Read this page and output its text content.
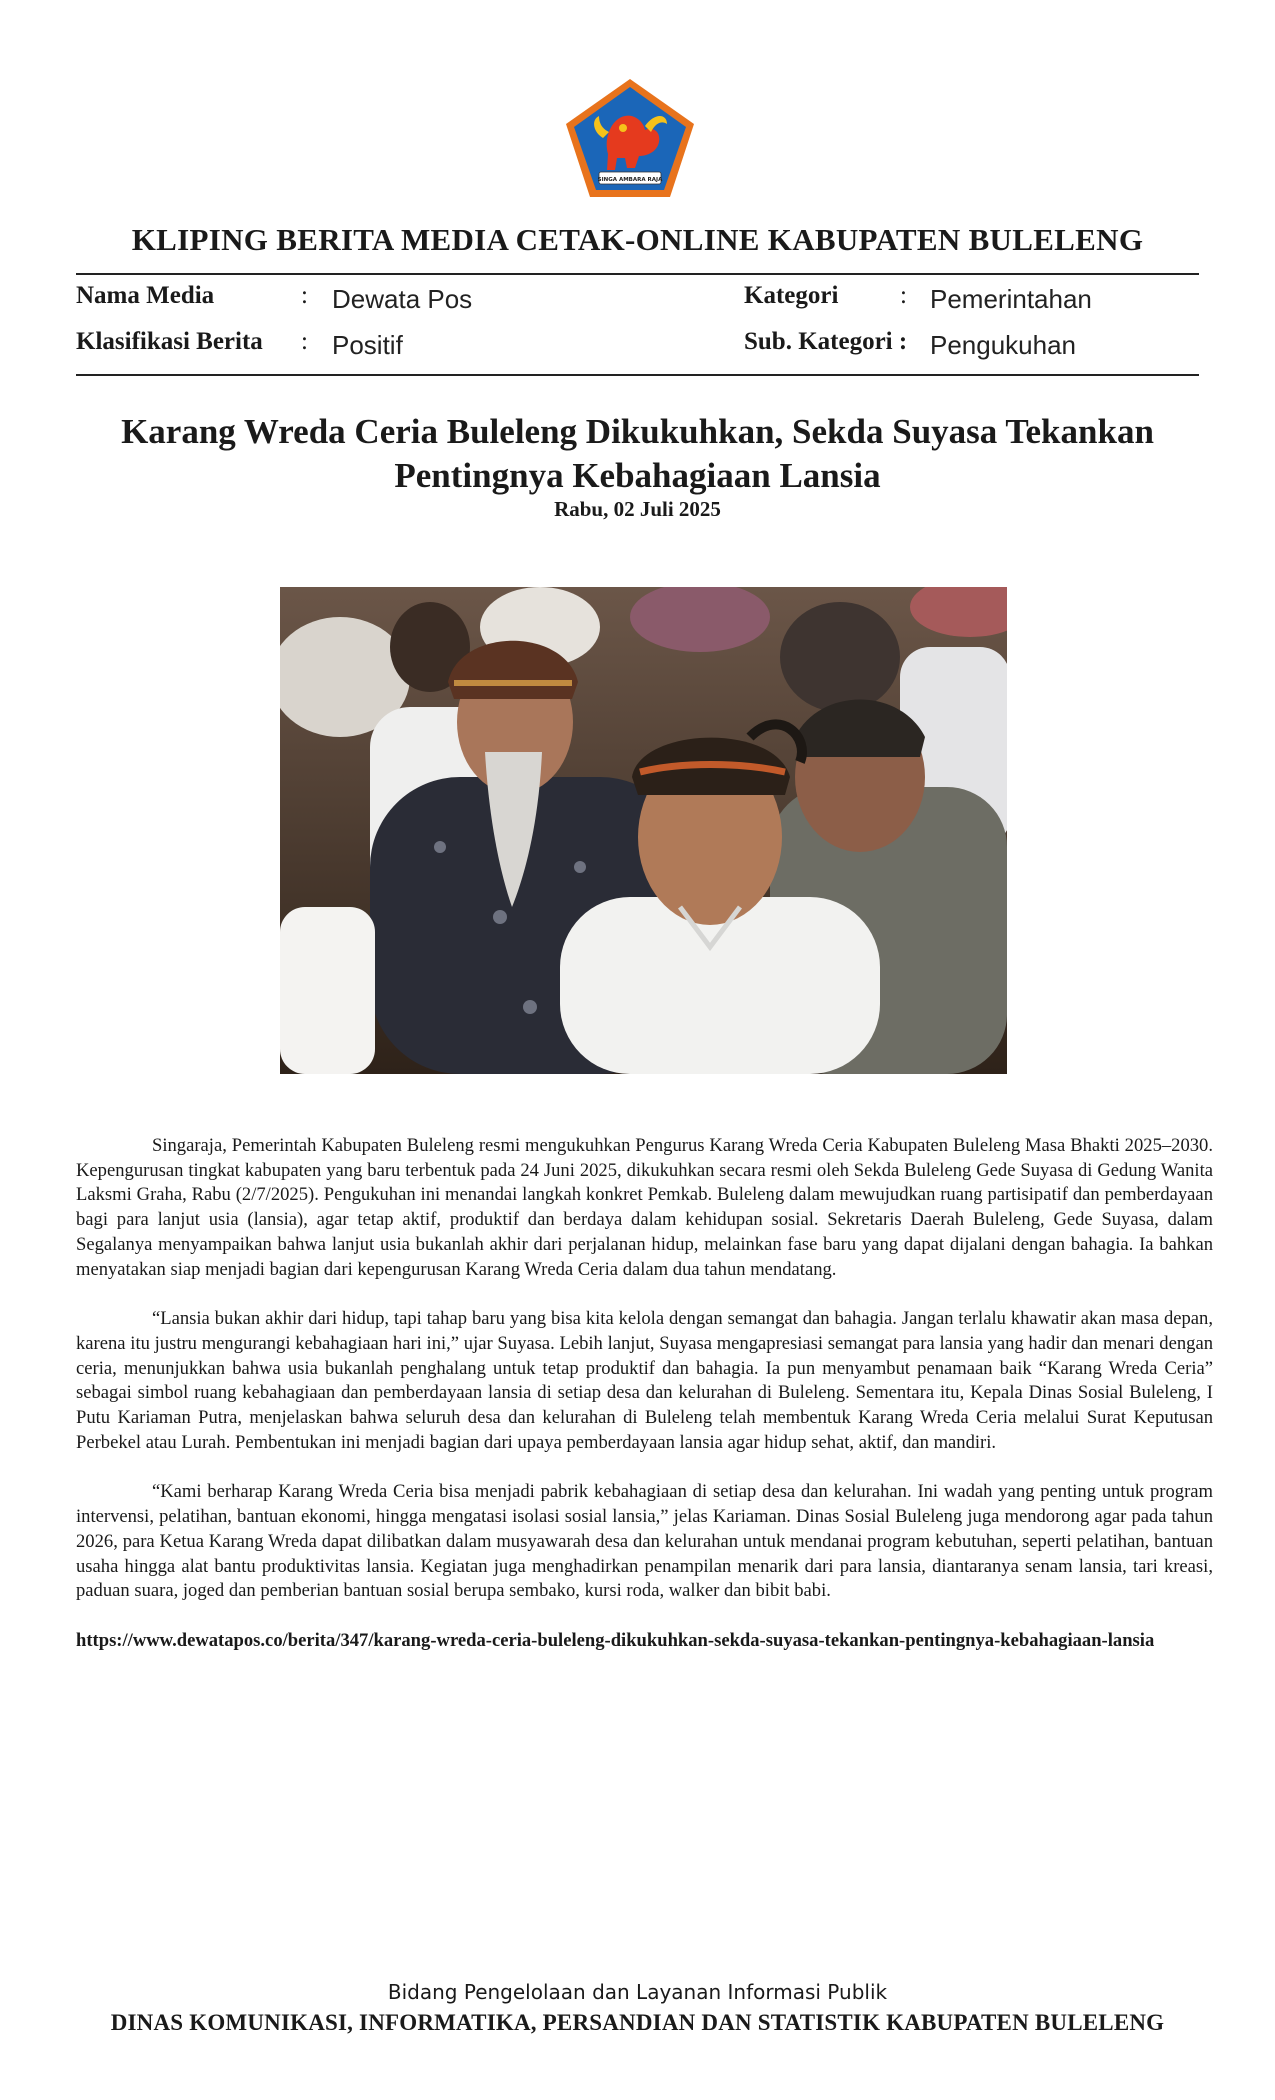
SINGA AMBARA RAJA
KLIPING BERITA MEDIA CETAK-ONLINE KABUPATEN BULELENG
Nama Media	: Dewata Pos	Kategori : Pemerintahan
Klasifikasi Berita : Positif	Sub. Kategori : Pengukuhan
Karang Wreda Ceria Buleleng Dikukuhkan, Sekda Suyasa Tekankan Pentingnya Kebahagiaan Lansia
Rabu, 02 Juli 2025

Singaraja, Pemerintah Kabupaten Buleleng resmi mengukuhkan Pengurus Karang Wreda Ceria Kabupaten Buleleng Masa Bhakti 2025–2030. Kepengurusan tingkat kabupaten yang baru terbentuk pada 24 Juni 2025, dikukuhkan secara resmi oleh Sekda Buleleng Gede Suyasa di Gedung Wanita Laksmi Graha, Rabu (2/7/2025). Pengukuhan ini menandai langkah konkret Pemkab. Buleleng dalam mewujudkan ruang partisipatif dan pemberdayaan bagi para lanjut usia (lansia), agar tetap aktif, produktif dan berdaya dalam kehidupan sosial. Sekretaris Daerah Buleleng, Gede Suyasa, dalam Segalanya menyampaikan bahwa lanjut usia bukanlah akhir dari perjalanan hidup, melainkan fase baru yang dapat dijalani dengan bahagia. Ia bahkan menyatakan siap menjadi bagian dari kepengurusan Karang Wreda Ceria dalam dua tahun mendatang.

“Lansia bukan akhir dari hidup, tapi tahap baru yang bisa kita kelola dengan semangat dan bahagia. Jangan terlalu khawatir akan masa depan, karena itu justru mengurangi kebahagiaan hari ini,” ujar Suyasa. Lebih lanjut, Suyasa mengapresiasi semangat para lansia yang hadir dan menari dengan ceria, menunjukkan bahwa usia bukanlah penghalang untuk tetap produktif dan bahagia. Ia pun menyambut penamaan baik “Karang Wreda Ceria” sebagai simbol ruang kebahagiaan dan pemberdayaan lansia di setiap desa dan kelurahan di Buleleng. Sementara itu, Kepala Dinas Sosial Buleleng, I Putu Kariaman Putra, menjelaskan bahwa seluruh desa dan kelurahan di Buleleng telah membentuk Karang Wreda Ceria melalui Surat Keputusan Perbekel atau Lurah. Pembentukan ini menjadi bagian dari upaya pemberdayaan lansia agar hidup sehat, aktif, dan mandiri.

“Kami berharap Karang Wreda Ceria bisa menjadi pabrik kebahagiaan di setiap desa dan kelurahan. Ini wadah yang penting untuk program intervensi, pelatihan, bantuan ekonomi, hingga mengatasi isolasi sosial lansia,” jelas Kariaman. Dinas Sosial Buleleng juga mendorong agar pada tahun 2026, para Ketua Karang Wreda dapat dilibatkan dalam musyawarah desa dan kelurahan untuk mendanai program kebutuhan, seperti pelatihan, bantuan usaha hingga alat bantu produktivitas lansia. Kegiatan juga menghadirkan penampilan menarik dari para lansia, diantaranya senam lansia, tari kreasi, paduan suara, joged dan pemberian bantuan sosial berupa sembako, kursi roda, walker dan bibit babi.

https://www.dewatapos.co/berita/347/karang-wreda-ceria-buleleng-dikukuhkan-sekda-suyasa-tekankan-pentingnya-kebahagiaan-lansia

Bidang Pengelolaan dan Layanan Informasi Publik
DINAS KOMUNIKASI, INFORMATIKA, PERSANDIAN DAN STATISTIK KABUPATEN BULELENG
